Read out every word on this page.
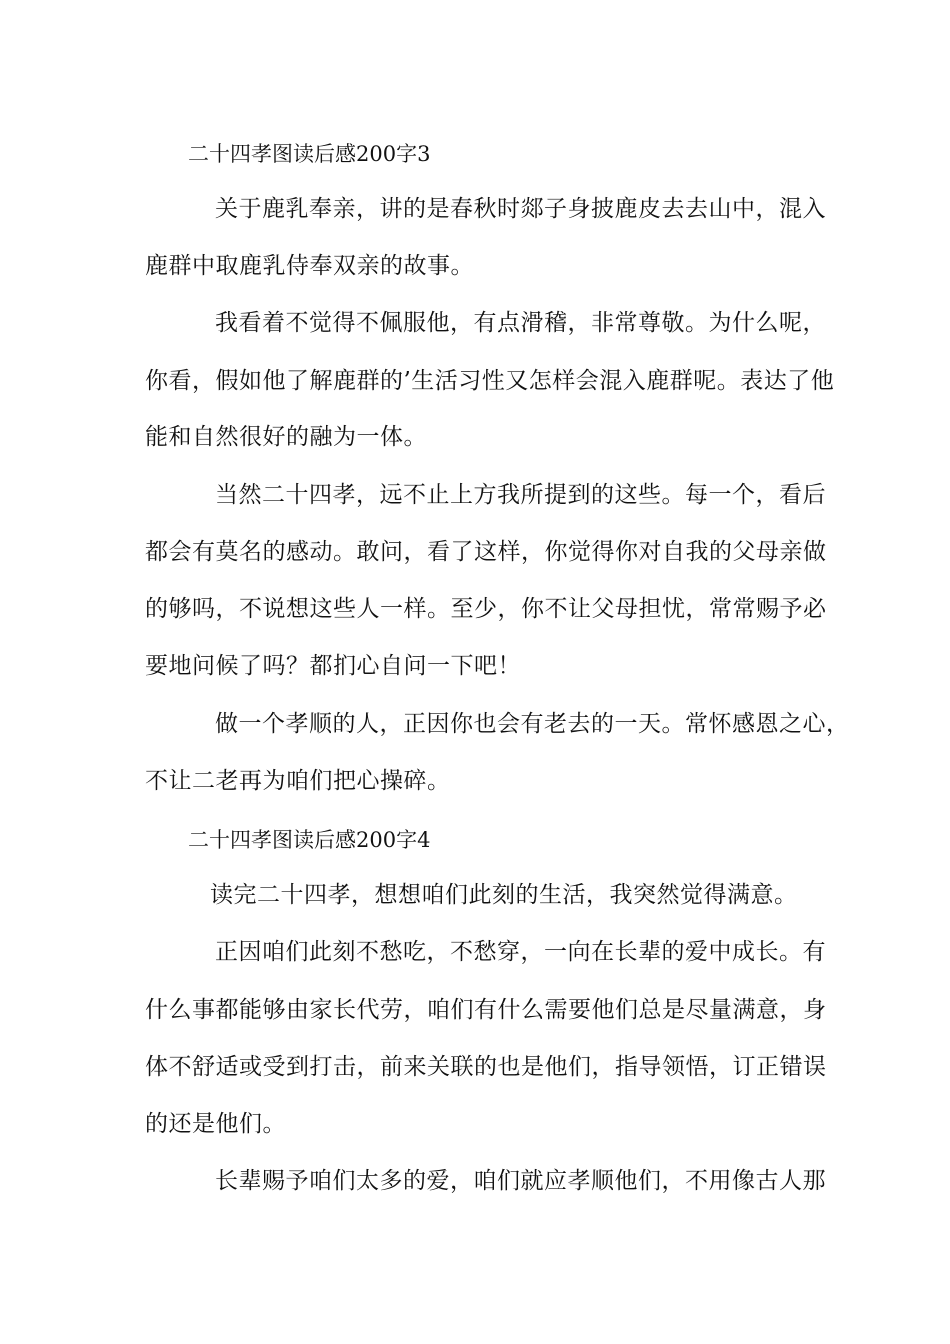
二十四孝图读后感200字3
关于鹿乳奉亲，讲的是春秋时郯子身披鹿皮去去山中，混入
鹿群中取鹿乳侍奉双亲的故事。
我看着不觉得不佩服他，有点滑稽，非常尊敬。为什么呢，
你看，假如他了解鹿群的’生活习性又怎样会混入鹿群呢。表达了他
能和自然很好的融为一体。
当然二十四孝，远不止上方我所提到的这些。每一个，看后
都会有莫名的感动。敢问，看了这样，你觉得你对自我的父母亲做
的够吗，不说想这些人一样。至少，你不让父母担忧，常常赐予必
要地问候了吗？都扪心自问一下吧！
做一个孝顺的人，正因你也会有老去的一天。常怀感恩之心，
不让二老再为咱们把心操碎。
二十四孝图读后感200字4
读完二十四孝，想想咱们此刻的生活，我突然觉得满意。
正因咱们此刻不愁吃，不愁穿，一向在长辈的爱中成长。有
什么事都能够由家长代劳，咱们有什么需要他们总是尽量满意，身
体不舒适或受到打击，前来关联的也是他们，指导领悟，订正错误
的还是他们。
长辈赐予咱们太多的爱，咱们就应孝顺他们，不用像古人那
